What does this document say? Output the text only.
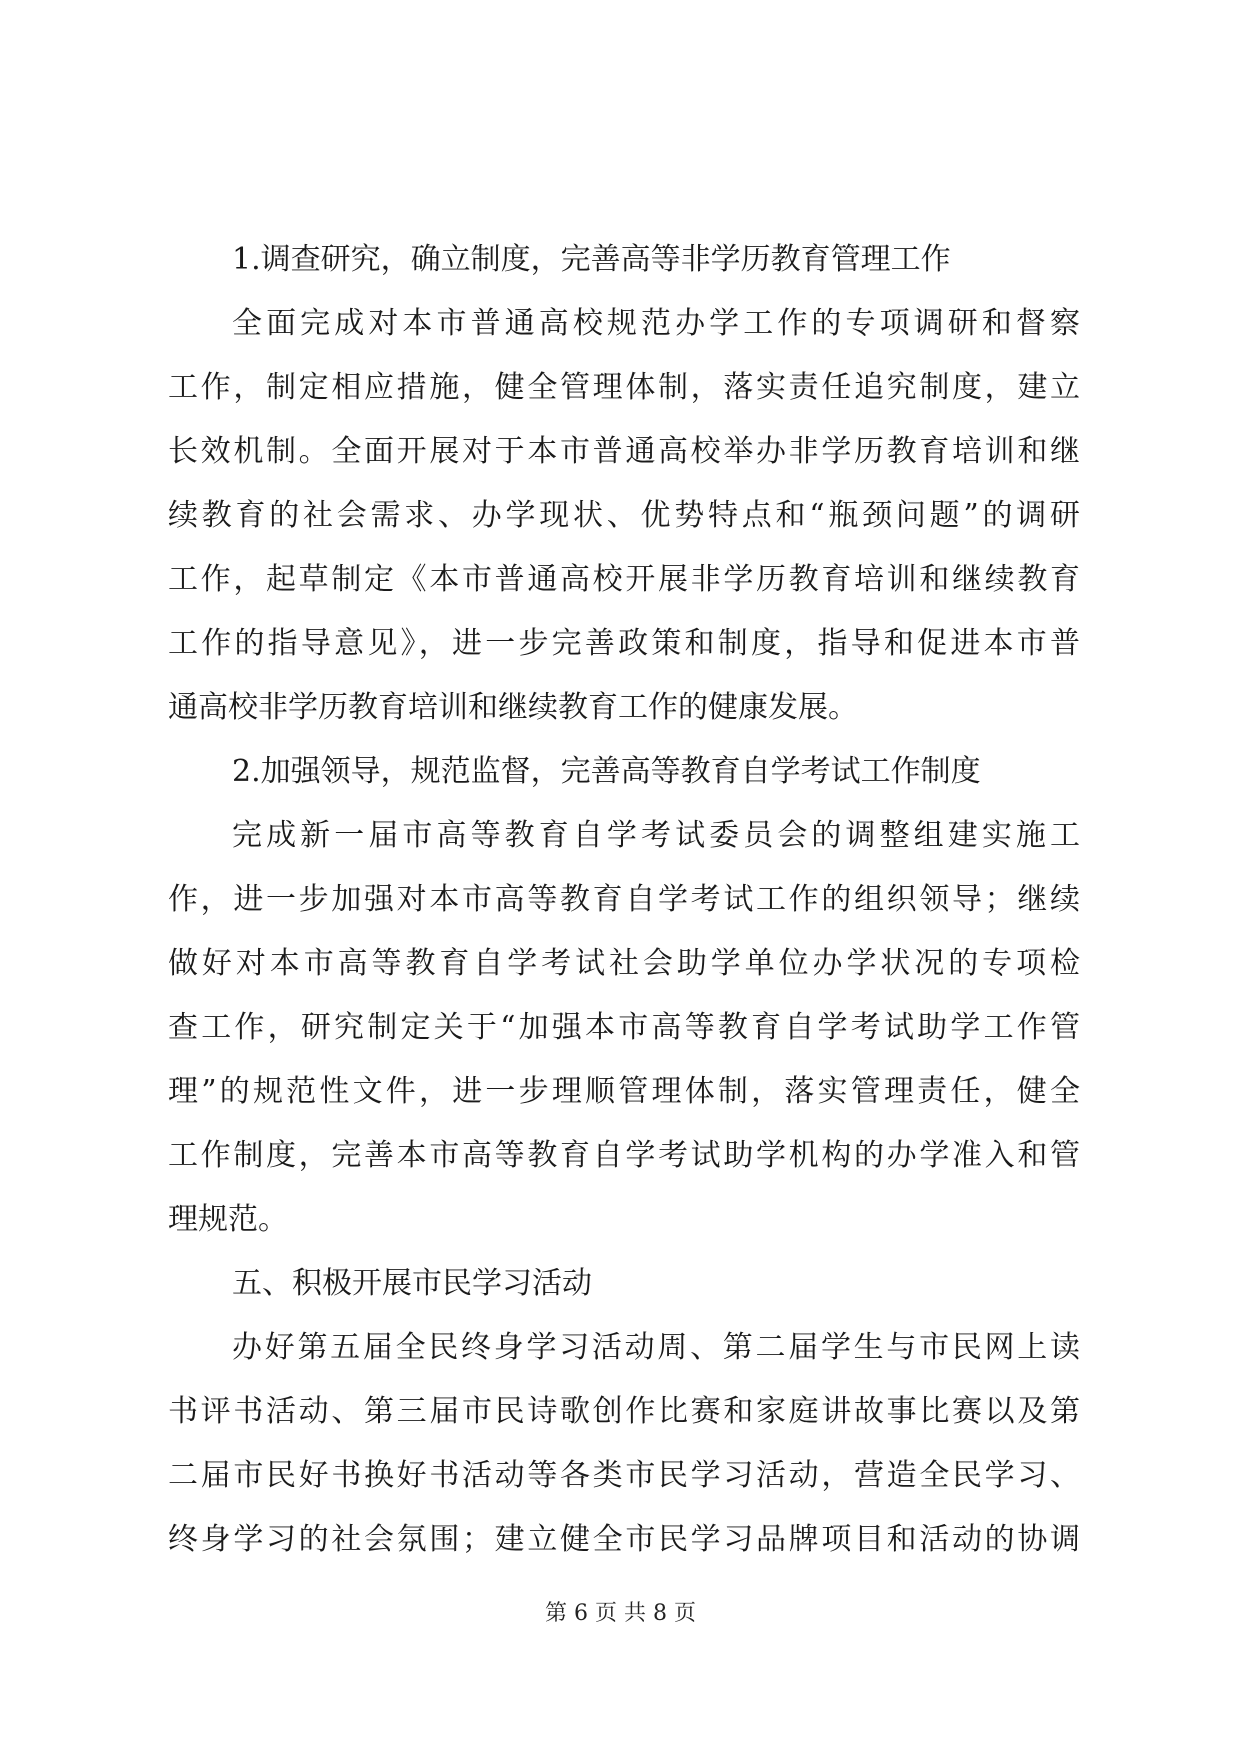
1.调查研究，确立制度，完善高等非学历教育管理工作
全面完成对本市普通高校规范办学工作的专项调研和督察
工作，制定相应措施，健全管理体制，落实责任追究制度，建立
长效机制。全面开展对于本市普通高校举办非学历教育培训和继
续教育的社会需求、办学现状、优势特点和“瓶颈问题”的调研
工作，起草制定《本市普通高校开展非学历教育培训和继续教育
工作的指导意见》，进一步完善政策和制度，指导和促进本市普
通高校非学历教育培训和继续教育工作的健康发展。
2.加强领导，规范监督，完善高等教育自学考试工作制度
完成新一届市高等教育自学考试委员会的调整组建实施工
作，进一步加强对本市高等教育自学考试工作的组织领导；继续
做好对本市高等教育自学考试社会助学单位办学状况的专项检
查工作，研究制定关于“加强本市高等教育自学考试助学工作管
理”的规范性文件，进一步理顺管理体制，落实管理责任，健全
工作制度，完善本市高等教育自学考试助学机构的办学准入和管
理规范。
五、积极开展市民学习活动
办好第五届全民终身学习活动周、第二届学生与市民网上读
书评书活动、第三届市民诗歌创作比赛和家庭讲故事比赛以及第
二届市民好书换好书活动等各类市民学习活动，营造全民学习、
终身学习的社会氛围；建立健全市民学习品牌项目和活动的协调
第 6 页 共 8 页
